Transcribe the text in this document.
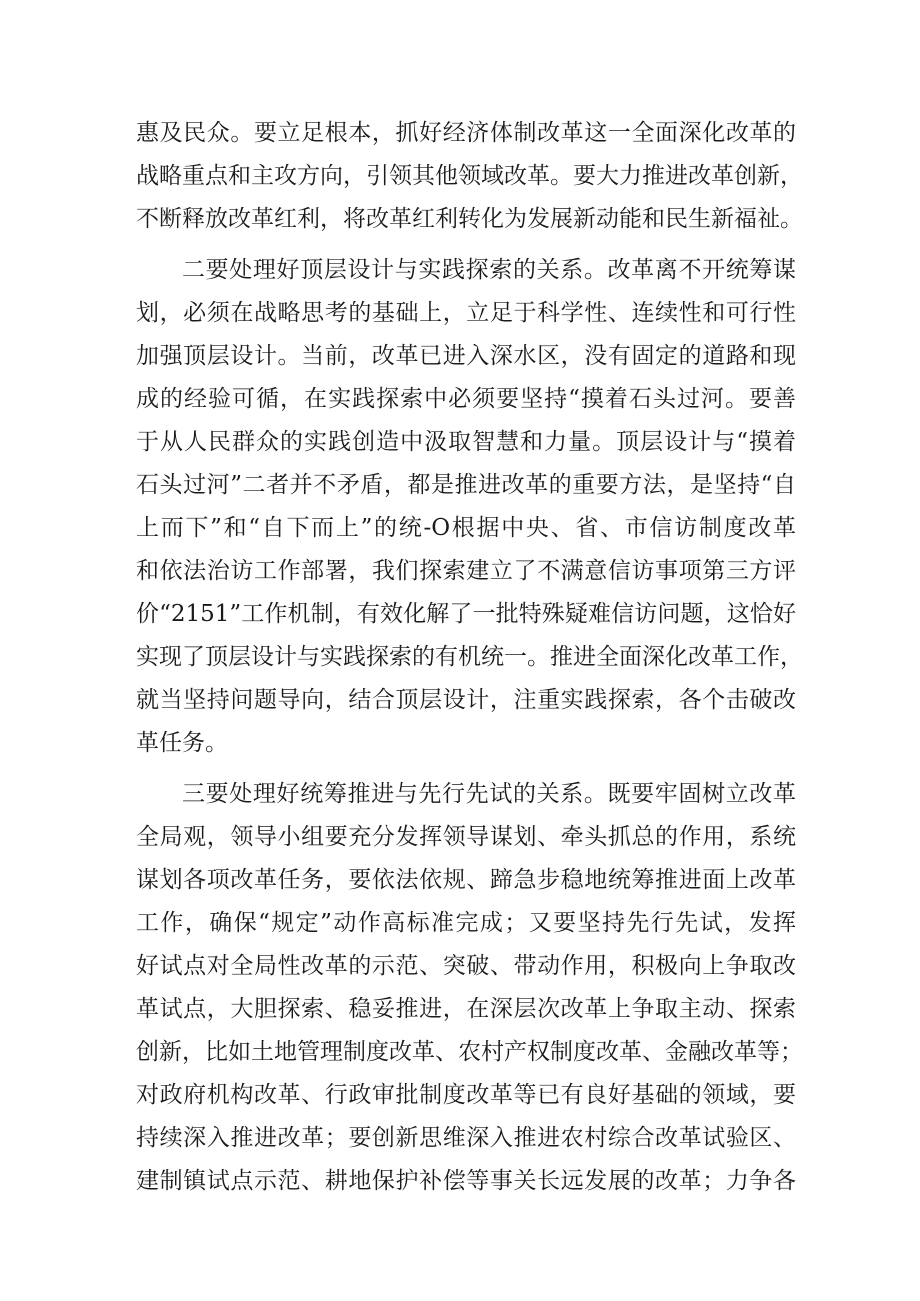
惠及民众。要立足根本，抓好经济体制改革这一全面深化改革的
战略重点和主攻方向，引领其他领域改革。要大力推进改革创新，
不断释放改革红利，将改革红利转化为发展新动能和民生新福祉。
二要处理好顶层设计与实践探索的关系。改革离不开统筹谋
划，必须在战略思考的基础上，立足于科学性、连续性和可行性
加强顶层设计。当前，改革已进入深水区，没有固定的道路和现
成的经验可循，在实践探索中必须要坚持“摸着石头过河。要善
于从人民群众的实践创造中汲取智慧和力量。顶层设计与“摸着
石头过河”二者并不矛盾，都是推进改革的重要方法，是坚持“自
上而下”和“自下而上”的统-O根据中央、省、市信访制度改革
和依法治访工作部署，我们探索建立了不满意信访事项第三方评
价“2151”工作机制，有效化解了一批特殊疑难信访问题，这恰好
实现了顶层设计与实践探索的有机统一。推进全面深化改革工作，
就当坚持问题导向，结合顶层设计，注重实践探索，各个击破改
革任务。
三要处理好统筹推进与先行先试的关系。既要牢固树立改革
全局观，领导小组要充分发挥领导谋划、牵头抓总的作用，系统
谋划各项改革任务，要依法依规、蹄急步稳地统筹推进面上改革
工作，确保“规定”动作高标准完成；又要坚持先行先试，发挥
好试点对全局性改革的示范、突破、带动作用，积极向上争取改
革试点，大胆探索、稳妥推进，在深层次改革上争取主动、探索
创新，比如土地管理制度改革、农村产权制度改革、金融改革等；
对政府机构改革、行政审批制度改革等已有良好基础的领域，要
持续深入推进改革；要创新思维深入推进农村综合改革试验区、
建制镇试点示范、耕地保护补偿等事关长远发展的改革；力争各
